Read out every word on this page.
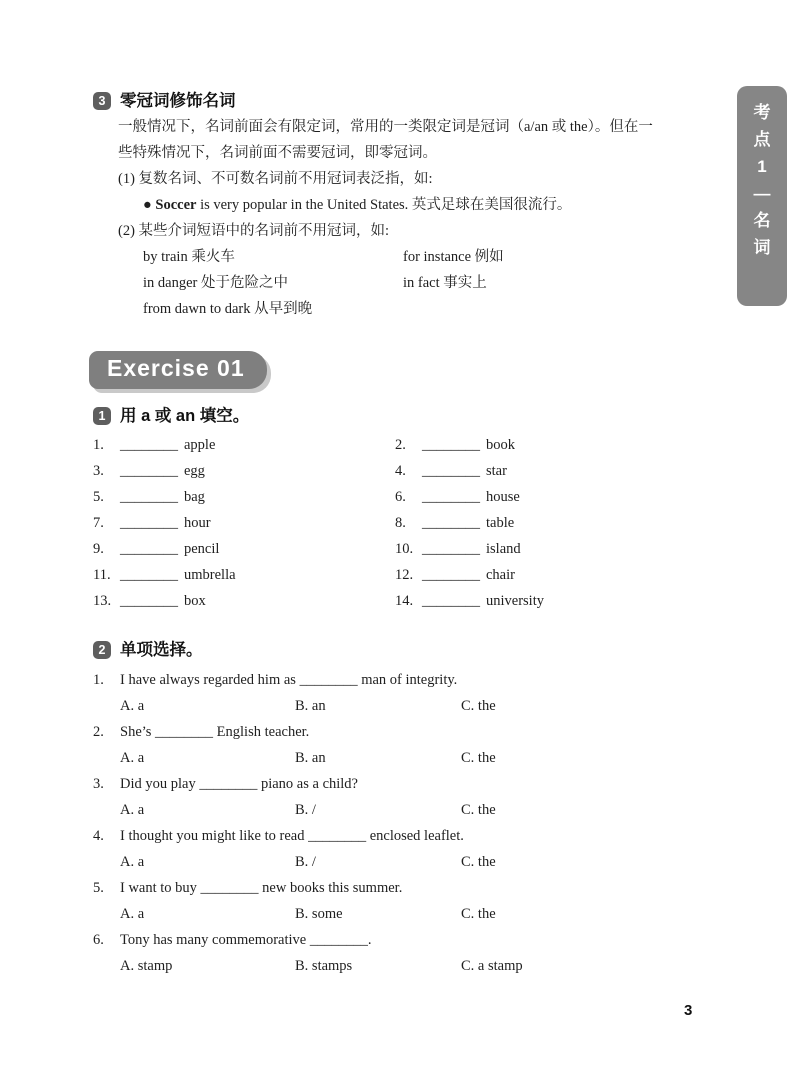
考
点
1
—
名
词
3 零冠词修饰名词
一般情况下，名词前面会有限定词，常用的一类限定词是冠词（a/an 或 the）。但在一
些特殊情况下，名词前面不需要冠词，即零冠词。
(1) 复数名词、不可数名词前不用冠词表泛指，如:
● Soccer is very popular in the United States. 英式足球在美国很流行。
(2) 某些介词短语中的名词前不用冠词，如:
by train 乘火车	for instance 例如
in danger 处于危险之中	in fact 事实上
from dawn to dark 从早到晚
Exercise 01
1 用 a 或 an 填空。
1. ________ apple	2. ________ book
3. ________ egg	4. ________ star
5. ________ bag	6. ________ house
7. ________ hour	8. ________ table
9. ________ pencil	10. ________ island
11. ________ umbrella	12. ________ chair
13. ________ box	14. ________ university
2 单项选择。
1.	I have always regarded him as ________ man of integrity.
A. a	B. an	C. the
2.	She’s ________ English teacher.
A. a	B. an	C. the
3.	Did you play ________ piano as a child?
A. a	B. /	C. the
4.	I thought you might like to read ________ enclosed leaflet.
A. a	B. /	C. the
5.	I want to buy ________ new books this summer.
A. a	B. some	C. the
6.	Tony has many commemorative ________.
A. stamp	B. stamps	C. a stamp
3
